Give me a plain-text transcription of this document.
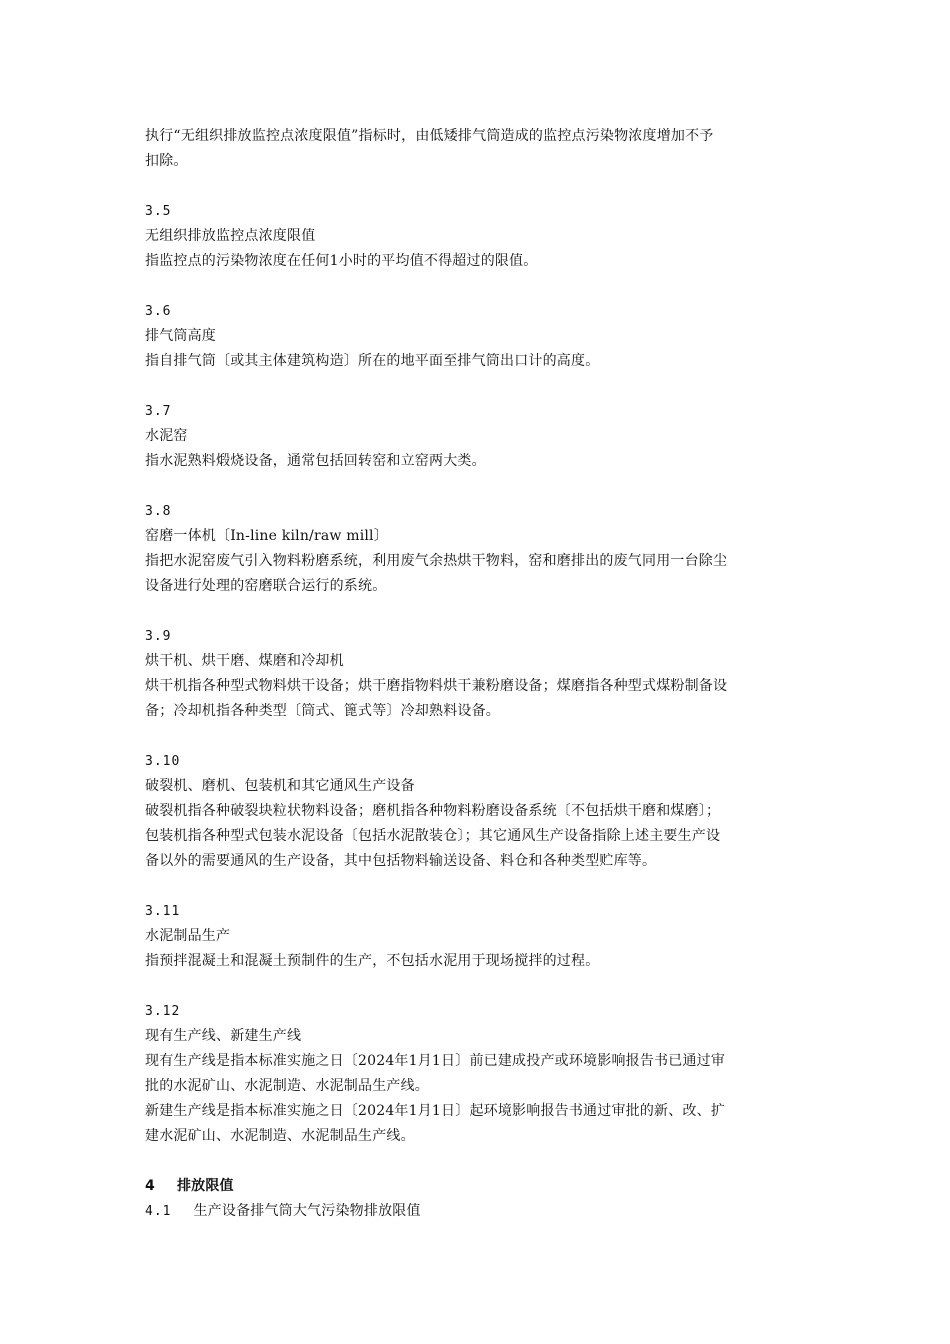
执行“无组织排放监控点浓度限值”指标时，由低矮排气筒造成的监控点污染物浓度增加不予
扣除。
3.5
无组织排放监控点浓度限值
指监控点的污染物浓度在任何1小时的平均值不得超过的限值。
3.6
排气筒高度
指自排气筒〔或其主体建筑构造〕所在的地平面至排气筒出口计的高度。
3.7
水泥窑
指水泥熟料煅烧设备，通常包括回转窑和立窑两大类。
3.8
窑磨一体机〔In-line kiln/raw mill〕
指把水泥窑废气引入物料粉磨系统，利用废气余热烘干物料，窑和磨排出的废气同用一台除尘
设备进行处理的窑磨联合运行的系统。
3.9
烘干机、烘干磨、煤磨和冷却机
烘干机指各种型式物料烘干设备；烘干磨指物料烘干兼粉磨设备；煤磨指各种型式煤粉制备设
备；冷却机指各种类型〔筒式、篦式等〕冷却熟料设备。
3.10
破裂机、磨机、包装机和其它通风生产设备
破裂机指各种破裂块粒状物料设备；磨机指各种物料粉磨设备系统〔不包括烘干磨和煤磨〕；
包装机指各种型式包装水泥设备〔包括水泥散装仓〕；其它通风生产设备指除上述主要生产设
备以外的需要通风的生产设备，其中包括物料输送设备、料仓和各种类型贮库等。
3.11
水泥制品生产
指预拌混凝土和混凝土预制件的生产，不包括水泥用于现场搅拌的过程。
3.12
现有生产线、新建生产线
现有生产线是指本标准实施之日〔2024年1月1日〕前已建成投产或环境影响报告书已通过审
批的水泥矿山、水泥制造、水泥制品生产线。
新建生产线是指本标准实施之日〔2024年1月1日〕起环境影响报告书通过审批的新、改、扩
建水泥矿山、水泥制造、水泥制品生产线。
4 排放限值
4.1 生产设备排气筒大气污染物排放限值
